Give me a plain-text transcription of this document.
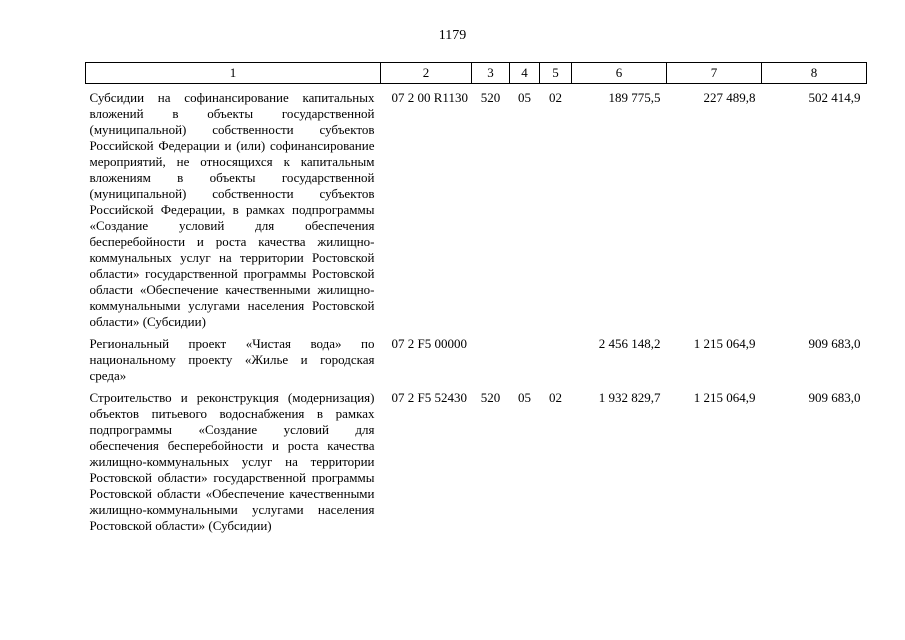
1179
1	2	3	4	5	6	7	8
Субсидии на софинансирование капитальных вложений в объекты государственной (муниципальной) собственности субъектов Российской Федерации и (или) софинансирование мероприятий, не относящихся к капитальным вложениям в объекты государственной (муниципальной) собственности субъектов Российской Федерации, в рамках подпрограммы «Создание условий для обеспечения бесперебойности и роста качества жилищно-коммунальных услуг на территории Ростовской области» государственной программы Ростовской области «Обеспечение качественными жилищно-коммунальными услугами населения Ростовской области» (Субсидии)	07 2 00 R1130	520	05	02	189 775,5	227 489,8	502 414,9
Региональный проект «Чистая вода» по национальному проекту «Жилье и городская среда»	07 2 F5 00000				2 456 148,2	1 215 064,9	909 683,0
Строительство и реконструкция (модернизация) объектов питьевого водоснабжения в рамках подпрограммы «Создание условий для обеспечения бесперебойности и роста качества жилищно-коммунальных услуг на территории Ростовской области» государственной программы Ростовской области «Обеспечение качественными жилищно-коммунальными услугами населения Ростовской области» (Субсидии)	07 2 F5 52430	520	05	02	1 932 829,7	1 215 064,9	909 683,0
